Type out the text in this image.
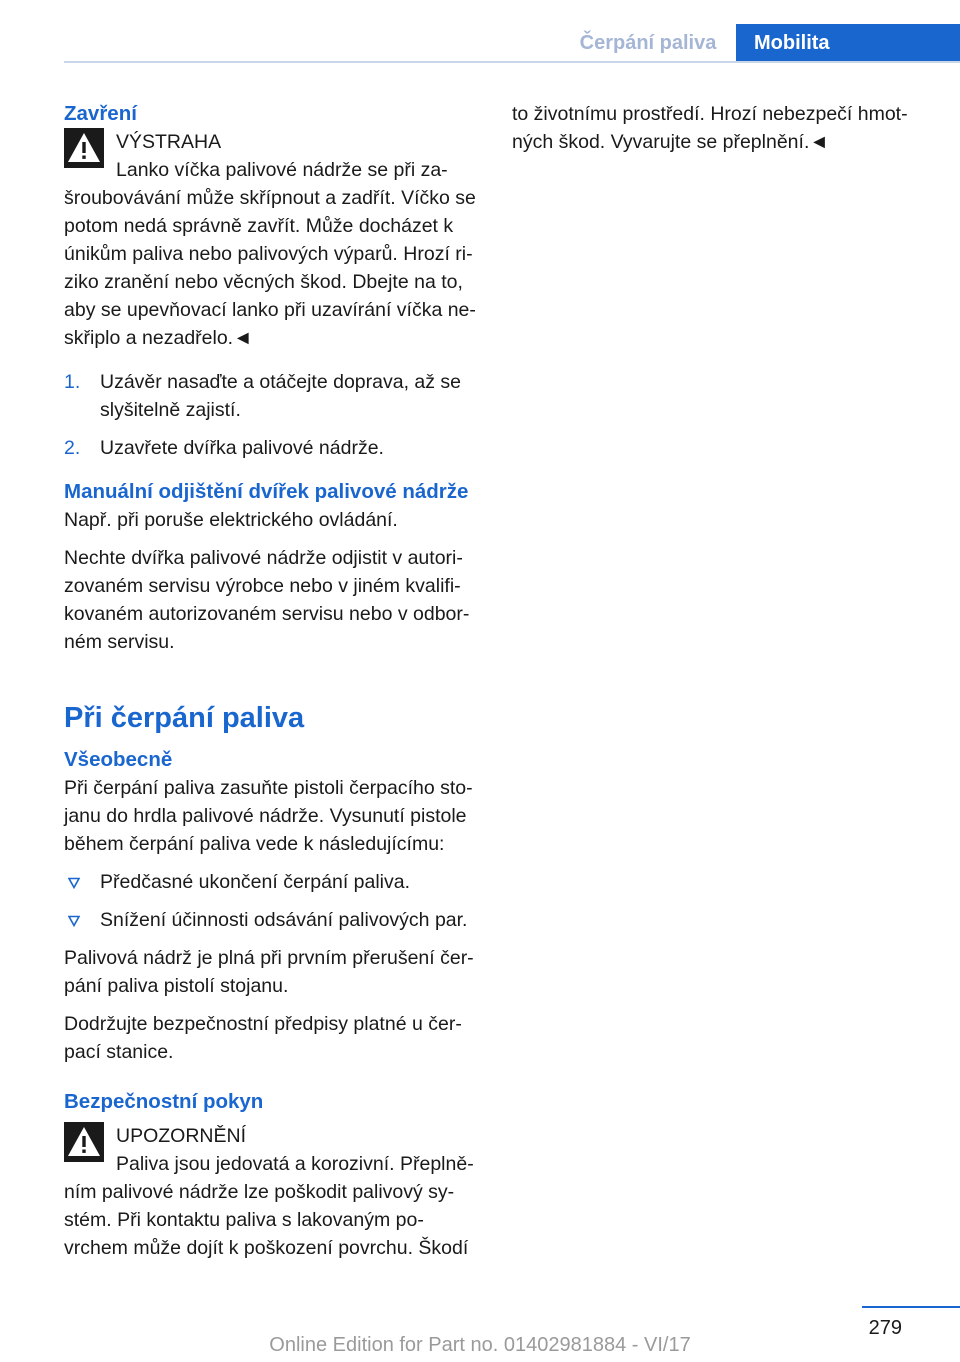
Čerpání paliva	Mobilita
Zavření
VÝSTRAHA
Lanko víčka palivové nádrže se při za-
šroubovávání může skřípnout a zadřít. Víčko se
potom nedá správně zavřít. Může docházet k
únikům paliva nebo palivových výparů. Hrozí ri-
ziko zranění nebo věcných škod. Dbejte na to,
aby se upevňovací lanko při uzavírání víčka ne-
skřiplo a nezadřelo.◄
1. Uzávěr nasaďte a otáčejte doprava, až se slyšitelně zajistí.
2. Uzavřete dvířka palivové nádrže.
Manuální odjištění dvířek palivové nádrže

Např. při poruše elektrického ovládání.

Nechte dvířka palivové nádrže odjistit v autori- zovaném servisu výrobce nebo v jiném kvalifi- kovaném autorizovaném servisu nebo v odbor- ném servisu.

Při čerpání paliva
Všeobecně

Při čerpání paliva zasuňte pistoli čerpacího sto- janu do hrdla palivové nádrže. Vysunutí pistole během čerpání paliva vede k následujícímu:

Předčasné ukončení čerpání paliva.
Snížení účinnosti odsávání palivových par.

Palivová nádrž je plná při prvním přerušení čer- pání paliva pistolí stojanu.

Dodržujte bezpečnostní předpisy platné u čer- pací stanice.

Bezpečnostní pokyn
UPOZORNĚNÍ
Paliva jsou jedovatá a korozivní. Přeplně-
ním palivové nádrže lze poškodit palivový sy-
stém. Při kontaktu paliva s lakovaným po-
vrchem může dojít k poškození povrchu. Škodí

to životnímu prostředí. Hrozí nebezpečí hmot- ných škod. Vyvarujte se přeplnění.◄

279
Online Edition for Part no. 01402981884 - VI/17
